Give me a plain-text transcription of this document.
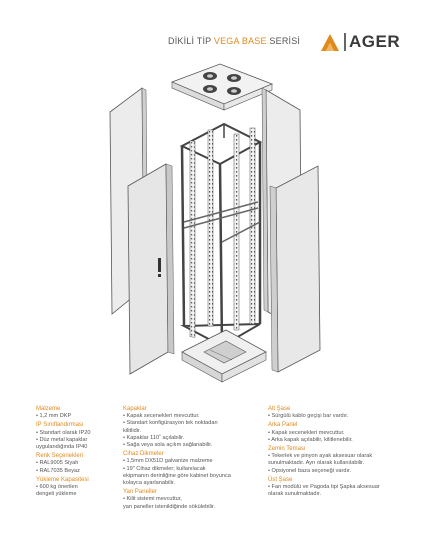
DİKİLİ TİP VEGA BASE SERİSİ	AGER
Malzeme
• 1,2 mm DKP
IP Sınıflandırması
• Standart olarak IP20
• Düz metal kapaklar
uygulandığında IP40
Renk Seçenekleri
• RAL9005 Siyah
• RAL7035 Beyaz
Yükleme Kapasitesi
• 600 kg önerilen
dengeli yükleme
Kapaklar
• Kapak secenekleri mevcuttur.
• Standart konfigürasyon tek noktadan
kilitlidir.
• Kapaklar 110˚ açılabilir.
• Sağa veya sola açılım sağlanabilir.
Cihaz Dikmeler
• 1,5mm DX51D galvanize malzeme
• 19" Cihaz dikmeler; kullanılacak
ekipmanın derinliğine göre kabinet boyunca
kolayca ayarlanabilir.
Yan Paneller
• Kilit sistemi mevcuttur,
yan paneller istenildiğinde sökülebilir.
Alt Şase
• Sürgülü kablo geçişi bar vardır.
Arka Panel
• Kapak secenekleri mevcuttur.
• Arka kapak açılabilir, kilitlenebilir.
Zemin Teması
• Tekerlek ve pinyon ayak aksesuar olarak
sunulmaktadır. Ayrı olarak kullanılabilir.
• Opsiyonel baza seçeneği vardır.
Üst Şase
• Fan modülü ve Pagoda tipi Şapka aksesuar
olarak sunulmaktadır.
